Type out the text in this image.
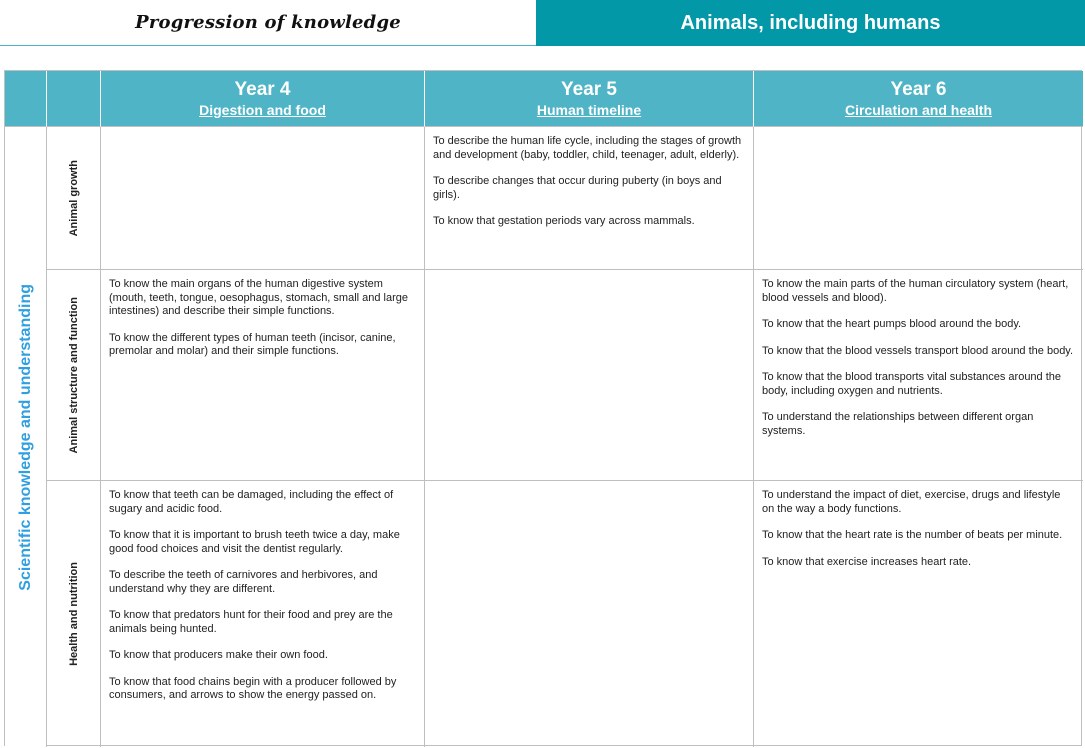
Progression of knowledge	Animals, including humans
Year 4
Digestion and food
Year 5
Human timeline
Year 6
Circulation and health
Scientific knowledge and understanding
Animal growth

To describe the human life cycle, including the stages of growth and development (baby, toddler, child, teenager, adult, elderly).

To describe changes that occur during puberty (in boys and girls).

To know that gestation periods vary across mammals.

Animal structure and function

To know the main organs of the human digestive system (mouth, teeth, tongue, oesophagus, stomach, small and large intestines) and describe their simple functions.

To know the different types of human teeth (incisor, canine, premolar and molar) and their simple functions.

To know the main parts of the human circulatory system (heart, blood vessels and blood).

To know that the heart pumps blood around the body.

To know that the blood vessels transport blood around the body.

To know that the blood transports vital substances around the body, including oxygen and nutrients.

To understand the relationships between different organ systems.

Health and nutrition

To know that teeth can be damaged, including the effect of sugary and acidic food.

To know that it is important to brush teeth twice a day, make good food choices and visit the dentist regularly.

To describe the teeth of carnivores and herbivores, and understand why they are different.

To know that predators hunt for their food and prey are the animals being hunted.

To know that producers make their own food.

To know that food chains begin with a producer followed by consumers, and arrows to show the energy passed on.

To understand the impact of diet, exercise, drugs and lifestyle on the way a body functions.

To know that the heart rate is the number of beats per minute.

To know that exercise increases heart rate.
